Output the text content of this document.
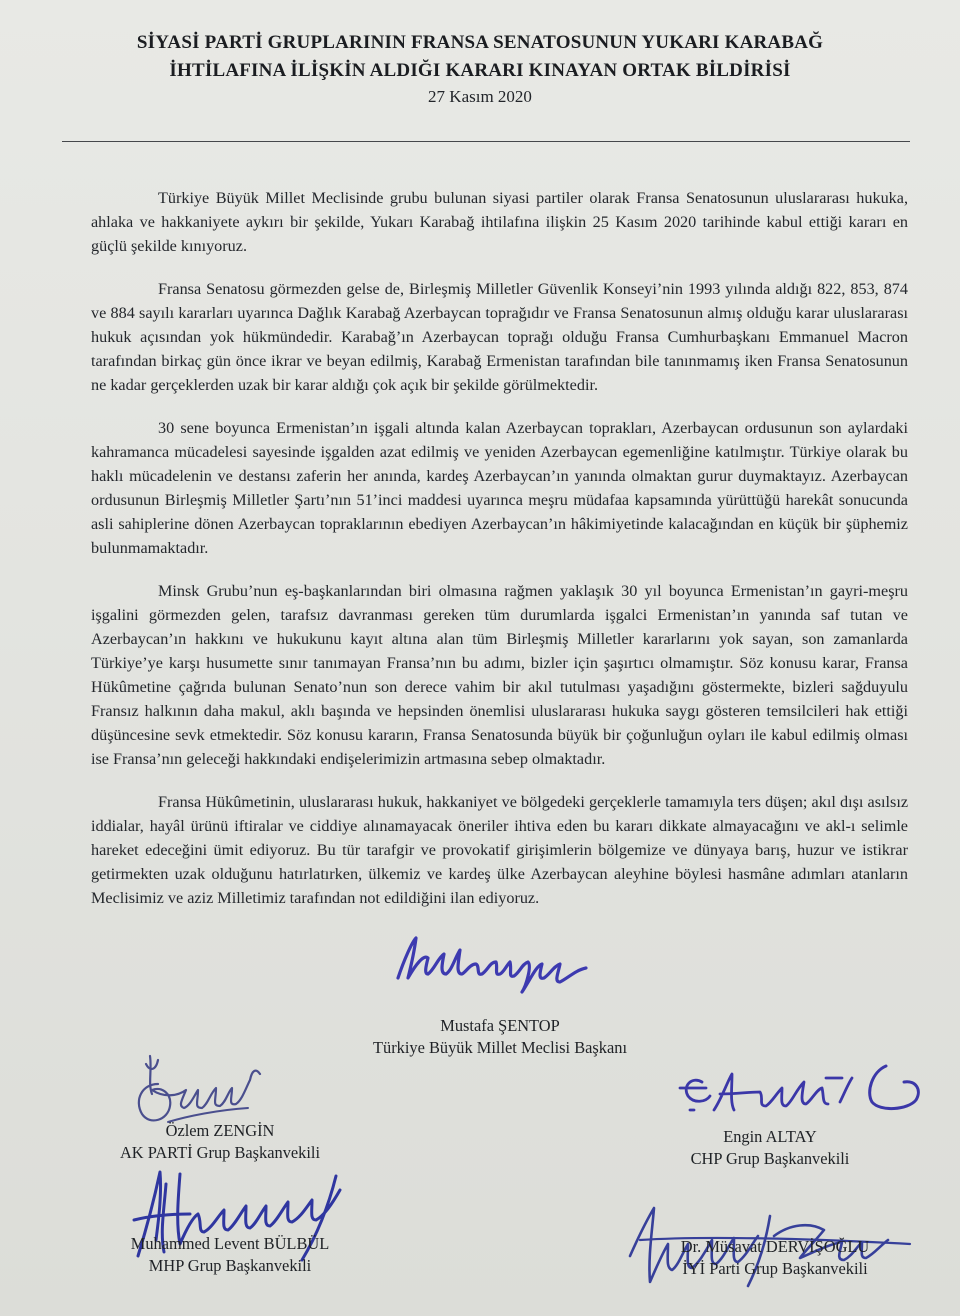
SİYASİ PARTİ GRUPLARININ FRANSA SENATOSUNUN YUKARI KARABAĞ
İHTİLAFINA İLİŞKİN ALDIĞI KARARI KINAYAN ORTAK BİLDİRİSİ
27 Kasım 2020

Türkiye Büyük Millet Meclisinde grubu bulunan siyasi partiler olarak Fransa Senatosunun uluslararası hukuka, ahlaka ve hakkaniyete aykırı bir şekilde, Yukarı Karabağ ihtilafına ilişkin 25 Kasım 2020 tarihinde kabul ettiği kararı en güçlü şekilde kınıyoruz.

Fransa Senatosu görmezden gelse de, Birleşmiş Milletler Güvenlik Konseyi’nin 1993 yılında aldığı 822, 853, 874 ve 884 sayılı kararları uyarınca Dağlık Karabağ Azerbaycan toprağıdır ve Fransa Senatosunun almış olduğu karar uluslararası hukuk açısından yok hükmündedir. Karabağ’ın Azerbaycan toprağı olduğu Fransa Cumhurbaşkanı Emmanuel Macron tarafından birkaç gün önce ikrar ve beyan edilmiş, Karabağ Ermenistan tarafından bile tanınmamış iken Fransa Senatosunun ne kadar gerçeklerden uzak bir karar aldığı çok açık bir şekilde görülmektedir.

30 sene boyunca Ermenistan’ın işgali altında kalan Azerbaycan toprakları, Azerbaycan ordusunun son aylardaki kahramanca mücadelesi sayesinde işgalden azat edilmiş ve yeniden Azerbaycan egemenliğine katılmıştır. Türkiye olarak bu haklı mücadelenin ve destansı zaferin her anında, kardeş Azerbaycan’ın yanında olmaktan gurur duymaktayız. Azerbaycan ordusunun Birleşmiş Milletler Şartı’nın 51’inci maddesi uyarınca meşru müdafaa kapsamında yürüttüğü harekât sonucunda asli sahiplerine dönen Azerbaycan topraklarının ebediyen Azerbaycan’ın hâkimiyetinde kalacağından en küçük bir şüphemiz bulunmamaktadır.

Minsk Grubu’nun eş-başkanlarından biri olmasına rağmen yaklaşık 30 yıl boyunca Ermenistan’ın gayri-meşru işgalini görmezden gelen, tarafsız davranması gereken tüm durumlarda işgalci Ermenistan’ın yanında saf tutan ve Azerbaycan’ın hakkını ve hukukunu kayıt altına alan tüm Birleşmiş Milletler kararlarını yok sayan, son zamanlarda Türkiye’ye karşı husumette sınır tanımayan Fransa’nın bu adımı, bizler için şaşırtıcı olmamıştır. Söz konusu karar, Fransa Hükûmetine çağrıda bulunan Senato’nun son derece vahim bir akıl tutulması yaşadığını göstermekte, bizleri sağduyulu Fransız halkının daha makul, aklı başında ve hepsinden önemlisi uluslararası hukuka saygı gösteren temsilcileri hak ettiği düşüncesine sevk etmektedir. Söz konusu kararın, Fransa Senatosunda büyük bir çoğunluğun oyları ile kabul edilmiş olması ise Fransa’nın geleceği hakkındaki endişelerimizin artmasına sebep olmaktadır.

Fransa Hükûmetinin, uluslararası hukuk, hakkaniyet ve bölgedeki gerçeklerle tamamıyla ters düşen; akıl dışı asılsız iddialar, hayâl ürünü iftiralar ve ciddiye alınamayacak öneriler ihtiva eden bu kararı dikkate almayacağını ve akl-ı selimle hareket edeceğini ümit ediyoruz. Bu tür tarafgir ve provokatif girişimlerin bölgemize ve dünyaya barış, huzur ve istikrar getirmekten uzak olduğunu hatırlatırken, ülkemiz ve kardeş ülke Azerbaycan aleyhine böylesi hasmâne adımları atanların Meclisimiz ve aziz Milletimiz tarafından not edildiğini ilan ediyoruz.

Mustafa ŞENTOP
Türkiye Büyük Millet Meclisi Başkanı
Özlem ZENGİN
AK PARTİ Grup Başkanvekili
Engin ALTAY
CHP Grup Başkanvekili
Muhammed Levent BÜLBÜL
MHP Grup Başkanvekili
Dr. Müsavat DERVİŞOĞLU
İYİ Parti Grup Başkanvekili
